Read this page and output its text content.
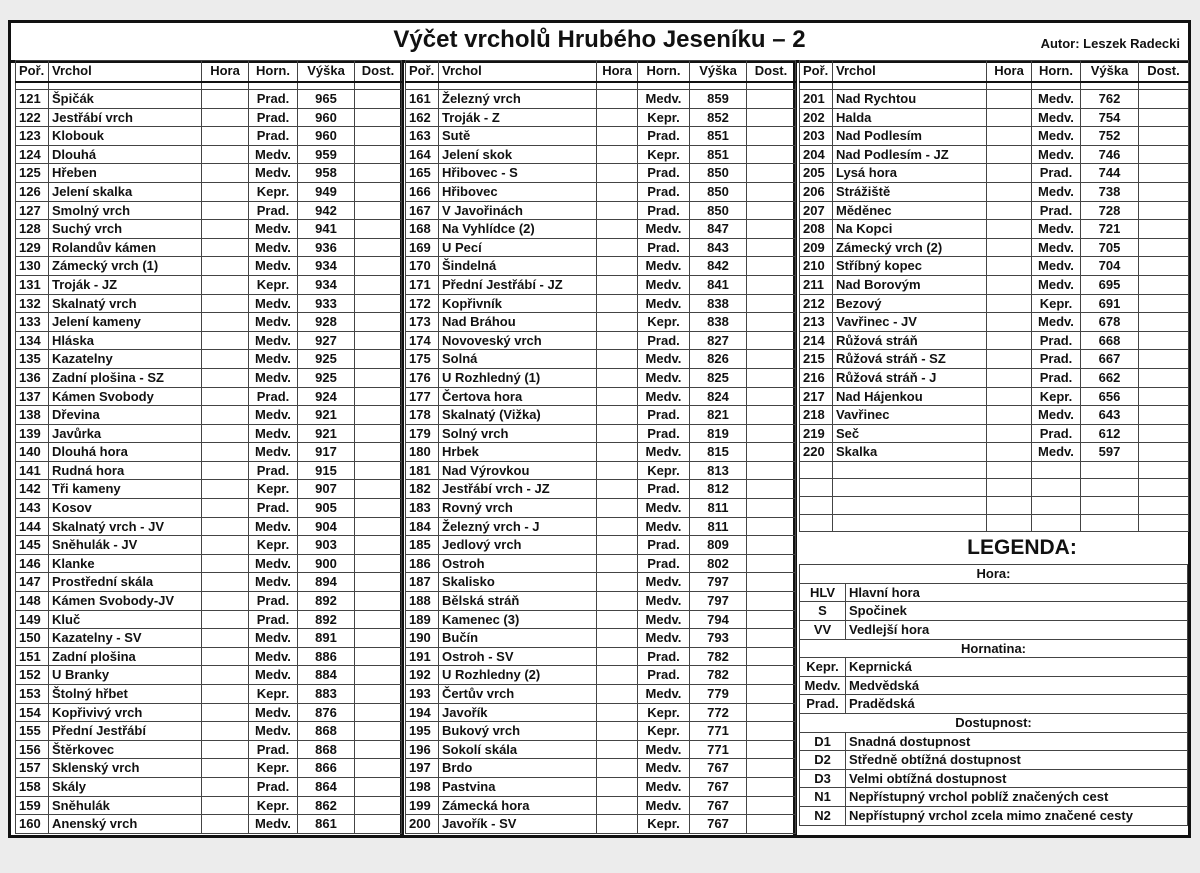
Výčet vrcholů Hrubého Jeseníku – 2	Autor: Leszek Radecki
Poř.	Vrchol	Hora	Horn.	Výška	Dost.

121	Špičák		Prad.	965	
122	Jestřábí vrch		Prad.	960	
123	Klobouk		Prad.	960	
124	Dlouhá		Medv.	959	
125	Hřeben		Medv.	958	
126	Jelení skalka		Kepr.	949	
127	Smolný vrch		Prad.	942	
128	Suchý vrch		Medv.	941	
129	Rolandův kámen		Medv.	936	
130	Zámecký vrch (1)		Medv.	934	
131	Troják - JZ		Kepr.	934	
132	Skalnatý vrch		Medv.	933	
133	Jelení kameny		Medv.	928	
134	Hláska		Medv.	927	
135	Kazatelny		Medv.	925	
136	Zadní plošina - SZ		Medv.	925	
137	Kámen Svobody		Prad.	924	
138	Dřevina		Medv.	921	
139	Javůrka		Medv.	921	
140	Dlouhá hora		Medv.	917	
141	Rudná hora		Prad.	915	
142	Tři kameny		Kepr.	907	
143	Kosov		Prad.	905	
144	Skalnatý vrch - JV		Medv.	904	
145	Sněhulák - JV		Kepr.	903	
146	Klanke		Medv.	900	
147	Prostřední skála		Medv.	894	
148	Kámen Svobody-JV		Prad.	892	
149	Kluč		Prad.	892	
150	Kazatelny - SV		Medv.	891	
151	Zadní plošina		Medv.	886	
152	U Branky		Medv.	884	
153	Štolný hřbet		Kepr.	883	
154	Kopřivivý vrch		Medv.	876	
155	Přední Jestřábí		Medv.	868	
156	Štěrkovec		Prad.	868	
157	Sklenský vrch		Kepr.	866	
158	Skály		Prad.	864	
159	Sněhulák		Kepr.	862	
160	Anenský vrch		Medv.	861	
Poř.	Vrchol	Hora	Horn.	Výška	Dost.

161	Železný vrch		Medv.	859	
162	Troják - Z		Kepr.	852	
163	Sutě		Prad.	851	
164	Jelení skok		Kepr.	851	
165	Hřibovec - S		Prad.	850	
166	Hřibovec		Prad.	850	
167	V Javořinách		Prad.	850	
168	Na Vyhlídce (2)		Medv.	847	
169	U Pecí		Prad.	843	
170	Šindelná		Medv.	842	
171	Přední Jestřábí - JZ		Medv.	841	
172	Kopřivník		Medv.	838	
173	Nad Bráhou		Kepr.	838	
174	Novoveský vrch		Prad.	827	
175	Solná		Medv.	826	
176	U Rozhledný (1)		Medv.	825	
177	Čertova hora		Medv.	824	
178	Skalnatý (Vižka)		Prad.	821	
179	Solný vrch		Prad.	819	
180	Hrbek		Medv.	815	
181	Nad Výrovkou		Kepr.	813	
182	Jestřábí vrch - JZ		Prad.	812	
183	Rovný vrch		Medv.	811	
184	Železný vrch - J		Medv.	811	
185	Jedlový vrch		Prad.	809	
186	Ostroh		Prad.	802	
187	Skalisko		Medv.	797	
188	Bělská stráň		Medv.	797	
189	Kamenec (3)		Medv.	794	
190	Bučín		Medv.	793	
191	Ostroh - SV		Prad.	782	
192	U Rozhledny (2)		Prad.	782	
193	Čertův vrch		Medv.	779	
194	Javořík		Kepr.	772	
195	Bukový vrch		Kepr.	771	
196	Sokolí skála		Medv.	771	
197	Brdo		Medv.	767	
198	Pastvina		Medv.	767	
199	Zámecká hora		Medv.	767	
200	Javořík - SV		Kepr.	767	
Poř.	Vrchol	Hora	Horn.	Výška	Dost.

201	Nad Rychtou		Medv.	762	
202	Halda		Medv.	754	
203	Nad Podlesím		Medv.	752	
204	Nad Podlesím - JZ		Medv.	746	
205	Lysá hora		Prad.	744	
206	Strážiště		Medv.	738	
207	Měděnec		Prad.	728	
208	Na Kopci		Medv.	721	
209	Zámecký vrch (2)		Medv.	705	
210	Stříbný kopec		Medv.	704	
211	Nad Borovým		Medv.	695	
212	Bezový		Kepr.	691	
213	Vavřinec - JV		Medv.	678	
214	Růžová stráň		Prad.	668	
215	Růžová stráň - SZ		Prad.	667	
216	Růžová stráň - J		Prad.	662	
217	Nad Hájenkou		Kepr.	656	
218	Vavřinec		Medv.	643	
219	Seč		Prad.	612	
220	Skalka		Medv.	597	

LEGENDA:	
Hora:	
HLV	Hlavní hora
S	Spočinek
VV	Vedlejší hora
Hornatina:	
Kepr.	Keprnická
Medv.	Medvědská
Prad.	Pradědská
Dostupnost:	
D1	Snadná dostupnost
D2	Středně obtížná dostupnost
D3	Velmi obtížná dostupnost
N1	Nepřístupný vrchol poblíž značených cest
N2	Nepřístupný vrchol zcela mimo značené cesty
